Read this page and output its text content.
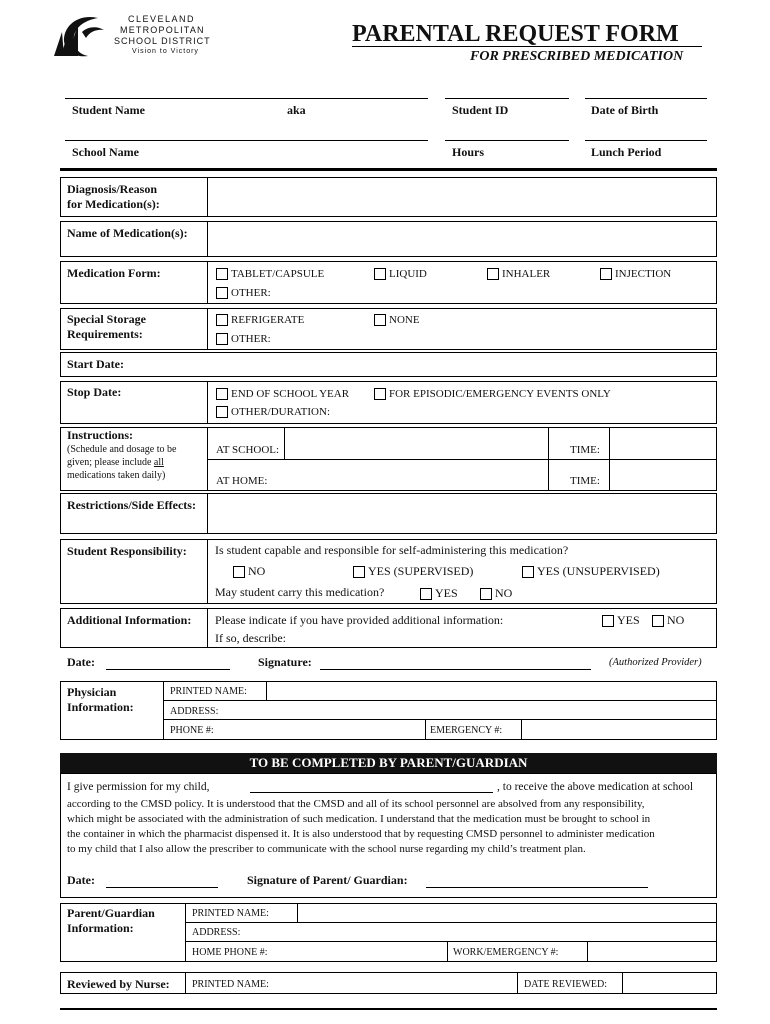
CLEVELAND
METROPOLITAN
SCHOOL DISTRICT
Vision to Victory
PARENTAL REQUEST FORM
FOR PRESCRIBED MEDICATION
Student Name	aka	Student ID	Date of Birth
School Name	Hours	Lunch Period
Diagnosis/Reason
for Medication(s):
Name of Medication(s):
Medication Form:	TABLET/CAPSULE	LIQUID	INHALER	INJECTION
OTHER:
Special Storage
Requirements:
REFRIGERATE	NONE
OTHER:
Start Date:
Stop Date:	END OF SCHOOL YEAR	FOR EPISODIC/EMERGENCY EVENTS ONLY
OTHER/DURATION:
Instructions:
(Schedule and dosage to be
given; please include all
medications taken daily)
AT SCHOOL:	TIME:
AT HOME:	TIME:
Restrictions/Side Effects:
Student Responsibility: Is student capable and responsible for self-administering this medication?
NO	YES (SUPERVISED)	YES (UNSUPERVISED)
May student carry this medication?	YES	NO
Additional Information: Please indicate if you have provided additional information:
If so, describe:
YES	NO
Date:	Signature:	(Authorized Provider)
Physician
Information:
PRINTED NAME:
ADDRESS:
PHONE #:	EMERGENCY #:
TO BE COMPLETED BY PARENT/GUARDIAN
I give permission for my child,	, to receive the above medication at school
according to the CMSD policy. It is understood that the CMSD and all of its school personnel are absolved from any responsibility,
which might be associated with the administration of such medication. I understand that the medication must be brought to school in
the container in which the pharmacist dispensed it. It is also understood that by requesting CMSD personnel to administer medication
to my child that I also allow the prescriber to communicate with the school nurse regarding my child’s treatment plan.
Date:	Signature of Parent/ Guardian:
Parent/Guardian
Information:
PRINTED NAME:
ADDRESS:
HOME PHONE #:	WORK/EMERGENCY #:
Reviewed by Nurse: PRINTED NAME:	DATE REVIEWED:
